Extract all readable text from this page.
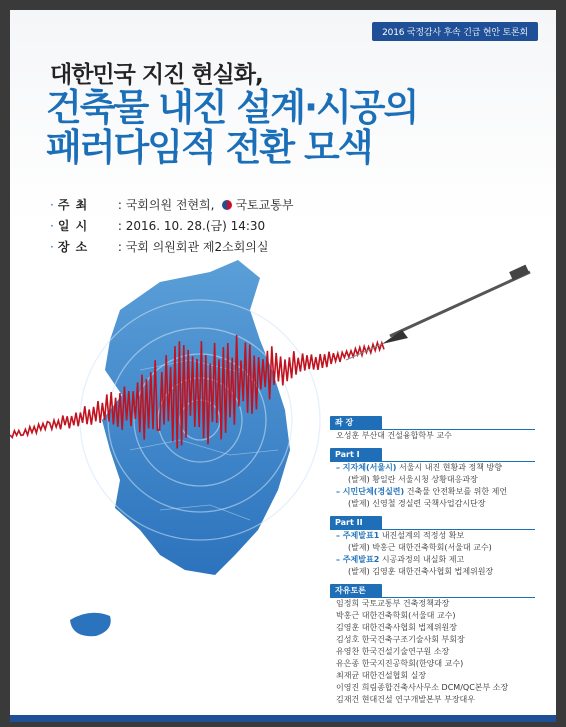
2016 국정감사 후속 긴급 현안 토론회
대한민국 지진 현실화,
건축물 내진 설계·시공의
패러다임적 전환 모색
· 주 최 : 국회의원 전현희, 국토교통부
· 일 시 : 2016. 10. 28.(금) 14:30
· 장 소 : 국회 의원회관 제2소회의실
좌 장
오성훈 부산대 건설융합학부 교수
Part I
– 지자체(서울시) 서울시 내진 현황과 정책 방향
(발제) 황일란 서울시청 상황대응과장
– 시민단체(경실련) 건축물 안전확보를 위한 제언
(발제) 신영철 경실련 국책사업감시단장
Part II
– 주제발표1 내진설계의 적정성 확보
(발제) 박홍근 대한건축학회(서울대 교수)
– 주제발표2 시공과정의 내실화 제고
(발제) 김영훈 대한건축사협회 법제위원장
자유토론
임정희 국토교통부 건축정책과장
박홍근 대한건축학회(서울대 교수)
김영훈 대한건축사협회 법제위원장
김성호 한국건축구조기술사회 부회장
유영찬 한국건설기술연구원 소장
유은종 한국지진공학회(한양대 교수)
최재균 대한건설협회 실장
이영진 희림종합건축사사무소 DCM/QC본부 소장
김재건 현대건설 연구개발본부 부장대우
